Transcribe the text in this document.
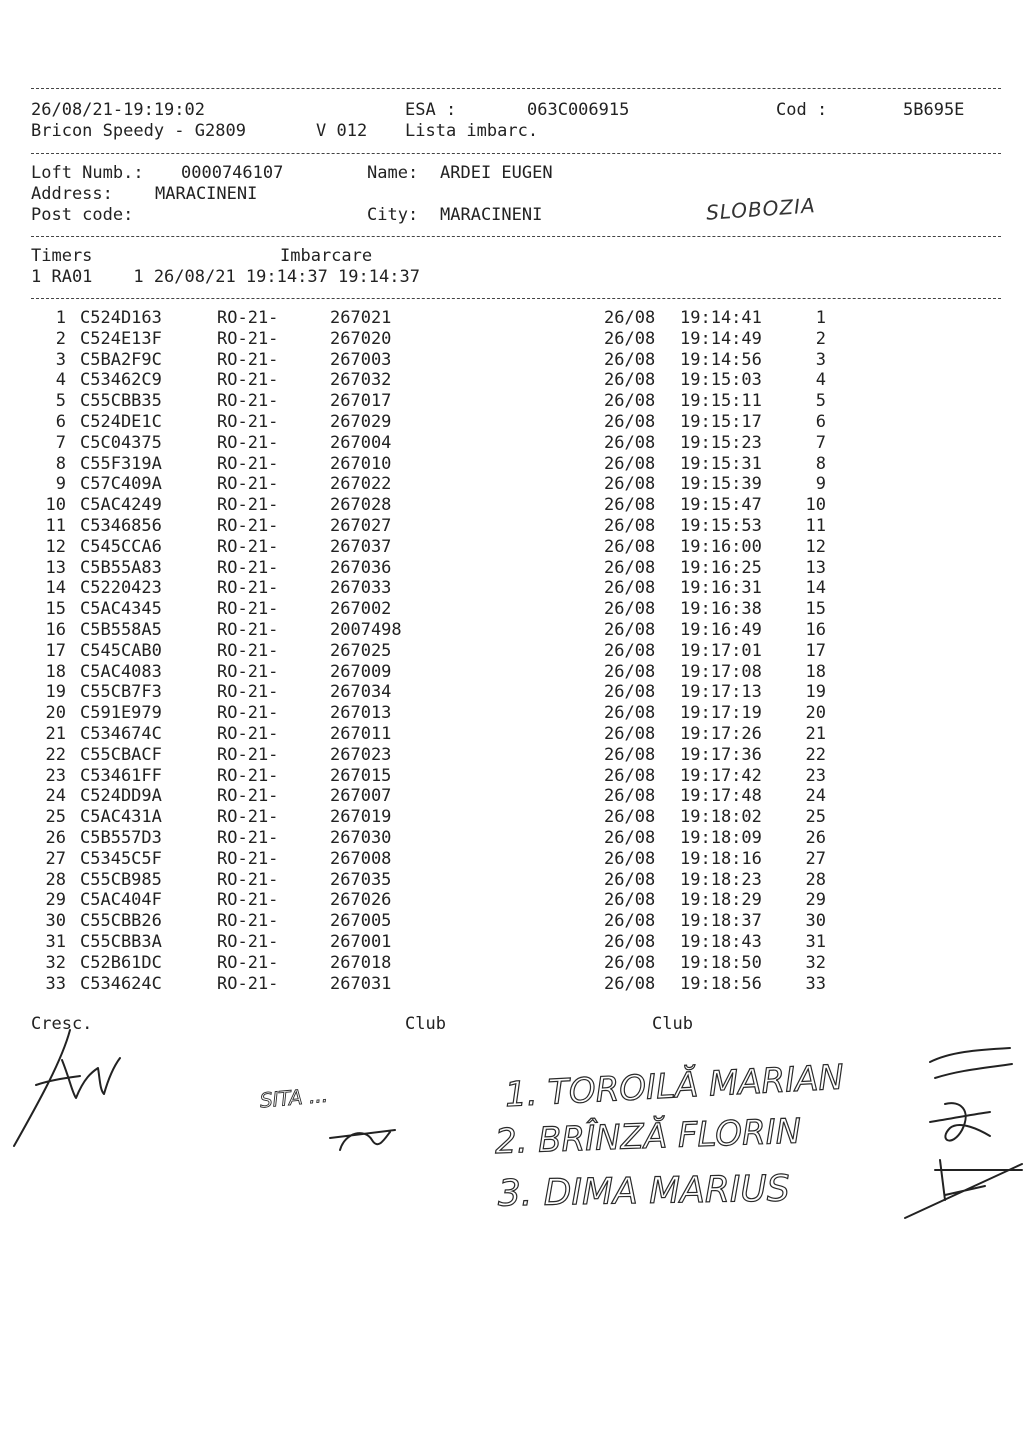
26/08/21-19:19:02	ESA :	063C006915	Cod :	5B695E
Bricon Speedy - G2809	V 012 Lista imbarc.
Loft Numb.: 0000746107	Name: ARDEI EUGEN
Address: MARACINENI
Post code:	City: MARACINENI	SLOBOZIA
Timers	Imbarcare
1 RA01    1 26/08/21 19:14:37 19:14:37
1 C524D163	RO-21-	267021	26/08 19:14:41	1
2 C524E13F	RO-21-	267020	26/08 19:14:49	2
3 C5BA2F9C	RO-21-	267003	26/08 19:14:56	3
4 C53462C9	RO-21-	267032	26/08 19:15:03	4
5 C55CBB35	RO-21-	267017	26/08 19:15:11	5
6 C524DE1C	RO-21-	267029	26/08 19:15:17	6
7 C5C04375	RO-21-	267004	26/08 19:15:23	7
8 C55F319A	RO-21-	267010	26/08 19:15:31	8
9 C57C409A	RO-21-	267022	26/08 19:15:39	9
10 C5AC4249	RO-21-	267028	26/08 19:15:47	10
11 C5346856	RO-21-	267027	26/08 19:15:53	11
12 C545CCA6	RO-21-	267037	26/08 19:16:00	12
13 C5B55A83	RO-21-	267036	26/08 19:16:25	13
14 C5220423	RO-21-	267033	26/08 19:16:31	14
15 C5AC4345	RO-21-	267002	26/08 19:16:38	15
16 C5B558A5	RO-21-	2007498	26/08 19:16:49	16
17 C545CAB0	RO-21-	267025	26/08 19:17:01	17
18 C5AC4083	RO-21-	267009	26/08 19:17:08	18
19 C55CB7F3	RO-21-	267034	26/08 19:17:13	19
20 C591E979	RO-21-	267013	26/08 19:17:19	20
21 C534674C	RO-21-	267011	26/08 19:17:26	21
22 C55CBACF	RO-21-	267023	26/08 19:17:36	22
23 C53461FF	RO-21-	267015	26/08 19:17:42	23
24 C524DD9A	RO-21-	267007	26/08 19:17:48	24
25 C5AC431A	RO-21-	267019	26/08 19:18:02	25
26 C5B557D3	RO-21-	267030	26/08 19:18:09	26
27 C5345C5F	RO-21-	267008	26/08 19:18:16	27
28 C55CB985	RO-21-	267035	26/08 19:18:23	28
29 C5AC404F	RO-21-	267026	26/08 19:18:29	29
30 C55CBB26	RO-21-	267005	26/08 19:18:37	30
31 C55CBB3A	RO-21-	267001	26/08 19:18:43	31
32 C52B61DC	RO-21-	267018	26/08 19:18:50	32
33 C534624C	RO-21-	267031	26/08 19:18:56	33
Cresc.	Club	Club
SITA ...	1. TOROILĂ MARIAN
2. BRÎNZĂ FLORIN
3. DIMA MARIUS
